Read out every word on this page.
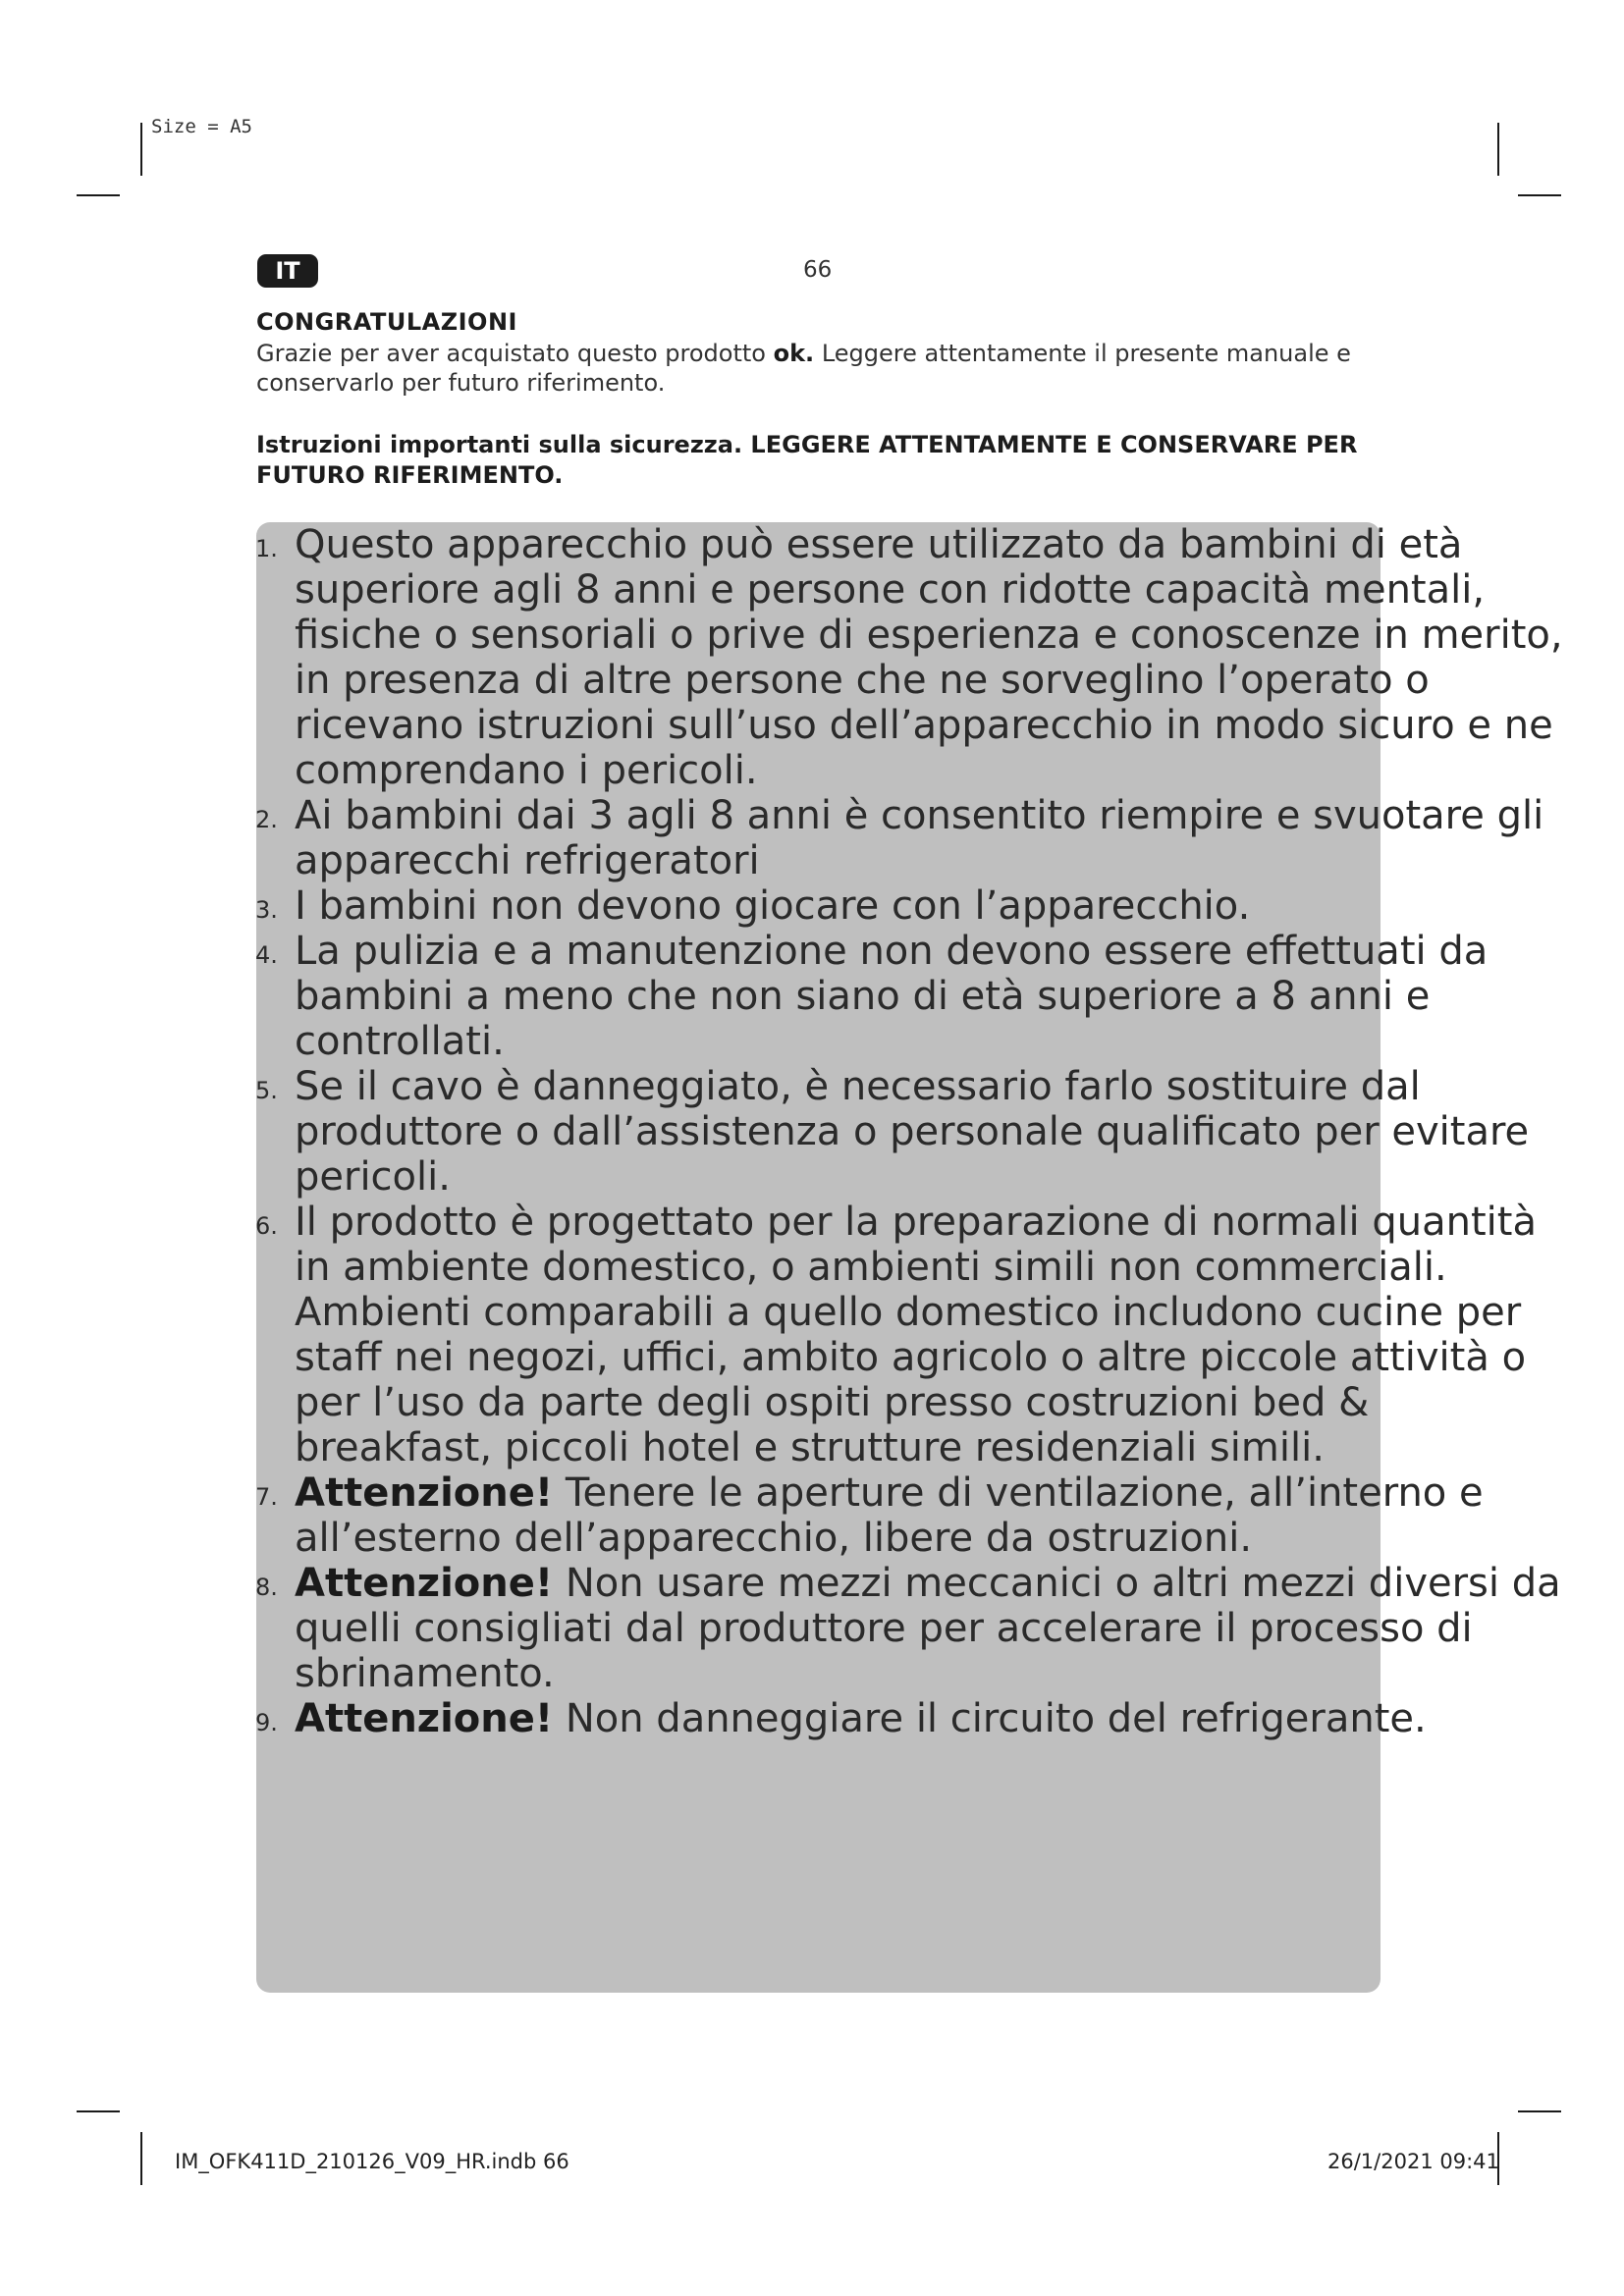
Size = A5
IT	66
CONGRATULAZIONI
Grazie per aver acquistato questo prodotto ok. Leggere attentamente il presente manuale e conservarlo per futuro riferimento.
Istruzioni importanti sulla sicurezza. LEGGERE ATTENTAMENTE E CONSERVARE PER FUTURO RIFERIMENTO.
1. Questo apparecchio può essere utilizzato da bambini di età superiore agli 8 anni e persone con ridotte capacità mentali, fisiche o sensoriali o prive di esperienza e conoscenze in merito, in presenza di altre persone che ne sorveglino l’operato o ricevano istruzioni sull’uso dell’apparecchio in modo sicuro e ne comprendano i pericoli.
2. Ai bambini dai 3 agli 8 anni è consentito riempire e svuotare gli apparecchi refrigeratori
3. I bambini non devono giocare con l’apparecchio.
4. La pulizia e a manutenzione non devono essere effettuati da bambini a meno che non siano di età superiore a 8 anni e controllati.
5. Se il cavo è danneggiato, è necessario farlo sostituire dal produttore o dall’assistenza o personale qualificato per evitare pericoli.
6. Il prodotto è progettato per la preparazione di normali quantità in ambiente domestico, o ambienti simili non commerciali. Ambienti comparabili a quello domestico includono cucine per staff nei negozi, uffici, ambito agricolo o altre piccole attività o per l’uso da parte degli ospiti presso costruzioni bed & breakfast, piccoli hotel e strutture residenziali simili.
7. Attenzione! Tenere le aperture di ventilazione, all’interno e all’esterno dell’apparecchio, libere da ostruzioni.
8. Attenzione! Non usare mezzi meccanici o altri mezzi diversi da quelli consigliati dal produttore per accelerare il processo di sbrinamento.
9. Attenzione! Non danneggiare il circuito del refrigerante.
IM_OFK411D_210126_V09_HR.indb 66	26/1/2021 09:41
